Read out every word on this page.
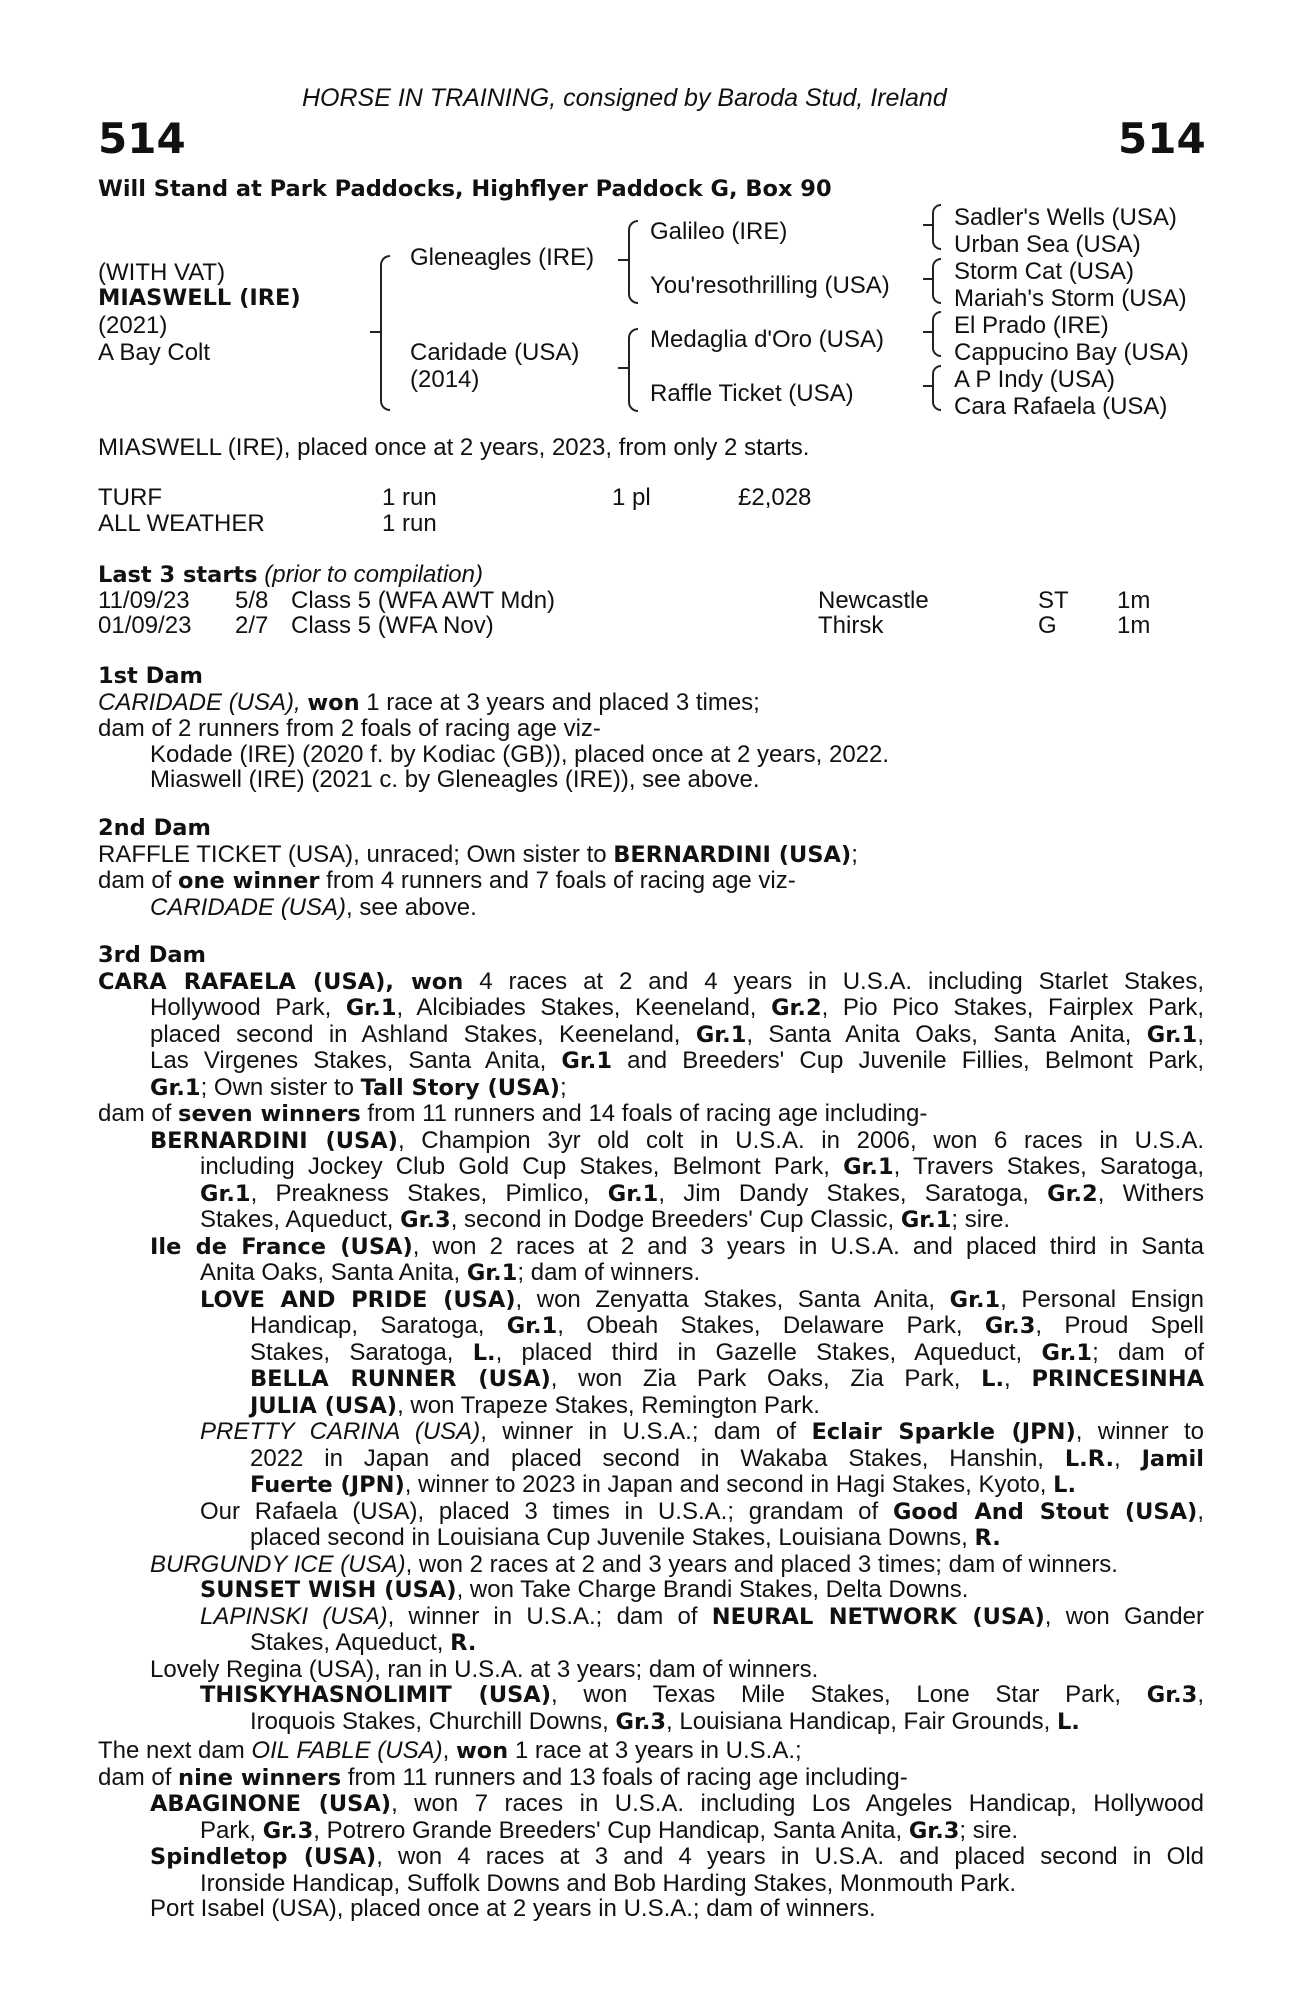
HORSE IN TRAINING, consigned by Baroda Stud, Ireland
514	514
Will Stand at Park Paddocks, Highflyer Paddock G, Box 90
(WITH VAT)
MIASWELL (IRE)
(2021)
A Bay Colt
Gleneagles (IRE)
Caridade (USA)
(2014)
Galileo (IRE)
You'resothrilling (USA)
Medaglia d'Oro (USA)
Raffle Ticket (USA)
Sadler's Wells (USA)
Urban Sea (USA)
Storm Cat (USA)
Mariah's Storm (USA)
El Prado (IRE)
Cappucino Bay (USA)
A P Indy (USA)
Cara Rafaela (USA)
MIASWELL (IRE), placed once at 2 years, 2023, from only 2 starts.
TURF	1 run	1 pl	£2,028
ALL WEATHER	1 run
Last 3 starts (prior to compilation)
11/09/23 5/8 Class 5 (WFA AWT Mdn)	Newcastle	ST 1m
01/09/23 2/7 Class 5 (WFA Nov)	Thirsk	G	1m
1st Dam
CARIDADE (USA), won 1 race at 3 years and placed 3 times;
dam of 2 runners from 2 foals of racing age viz-
Kodade (IRE) (2020 f. by Kodiac (GB)), placed once at 2 years, 2022.
Miaswell (IRE) (2021 c. by Gleneagles (IRE)), see above.
2nd Dam
RAFFLE TICKET (USA), unraced; Own sister to BERNARDINI (USA);
dam of one winner from 4 runners and 7 foals of racing age viz-
CARIDADE (USA), see above.
3rd Dam
CARA RAFAELA (USA), won 4 races at 2 and 4 years in U.S.A. including Starlet Stakes,
Hollywood Park, Gr.1, Alcibiades Stakes, Keeneland, Gr.2, Pio Pico Stakes, Fairplex Park,
placed second in Ashland Stakes, Keeneland, Gr.1, Santa Anita Oaks, Santa Anita, Gr.1,
Las Virgenes Stakes, Santa Anita, Gr.1 and Breeders' Cup Juvenile Fillies, Belmont Park,
Gr.1; Own sister to Tall Story (USA);
dam of seven winners from 11 runners and 14 foals of racing age including-
BERNARDINI (USA), Champion 3yr old colt in U.S.A. in 2006, won 6 races in U.S.A.
including Jockey Club Gold Cup Stakes, Belmont Park, Gr.1, Travers Stakes, Saratoga,
Gr.1, Preakness Stakes, Pimlico, Gr.1, Jim Dandy Stakes, Saratoga, Gr.2, Withers
Stakes, Aqueduct, Gr.3, second in Dodge Breeders' Cup Classic, Gr.1; sire.
Ile de France (USA), won 2 races at 2 and 3 years in U.S.A. and placed third in Santa
Anita Oaks, Santa Anita, Gr.1; dam of winners.
LOVE AND PRIDE (USA), won Zenyatta Stakes, Santa Anita, Gr.1, Personal Ensign
Handicap, Saratoga, Gr.1, Obeah Stakes, Delaware Park, Gr.3, Proud Spell
Stakes, Saratoga, L., placed third in Gazelle Stakes, Aqueduct, Gr.1; dam of
BELLA RUNNER (USA), won Zia Park Oaks, Zia Park, L., PRINCESINHA
JULIA (USA), won Trapeze Stakes, Remington Park.
PRETTY CARINA (USA), winner in U.S.A.; dam of Eclair Sparkle (JPN), winner to
2022 in Japan and placed second in Wakaba Stakes, Hanshin, L.R., Jamil
Fuerte (JPN), winner to 2023 in Japan and second in Hagi Stakes, Kyoto, L.
Our Rafaela (USA), placed 3 times in U.S.A.; grandam of Good And Stout (USA),
placed second in Louisiana Cup Juvenile Stakes, Louisiana Downs, R.
BURGUNDY ICE (USA), won 2 races at 2 and 3 years and placed 3 times; dam of winners.
SUNSET WISH (USA), won Take Charge Brandi Stakes, Delta Downs.
LAPINSKI (USA), winner in U.S.A.; dam of NEURAL NETWORK (USA), won Gander
Stakes, Aqueduct, R.
Lovely Regina (USA), ran in U.S.A. at 3 years; dam of winners.
THISKYHASNOLIMIT (USA), won Texas Mile Stakes, Lone Star Park, Gr.3,
Iroquois Stakes, Churchill Downs, Gr.3, Louisiana Handicap, Fair Grounds, L.
The next dam OIL FABLE (USA), won 1 race at 3 years in U.S.A.;
dam of nine winners from 11 runners and 13 foals of racing age including-
ABAGINONE (USA), won 7 races in U.S.A. including Los Angeles Handicap, Hollywood
Park, Gr.3, Potrero Grande Breeders' Cup Handicap, Santa Anita, Gr.3; sire.
Spindletop (USA), won 4 races at 3 and 4 years in U.S.A. and placed second in Old
Ironside Handicap, Suffolk Downs and Bob Harding Stakes, Monmouth Park.
Port Isabel (USA), placed once at 2 years in U.S.A.; dam of winners.
